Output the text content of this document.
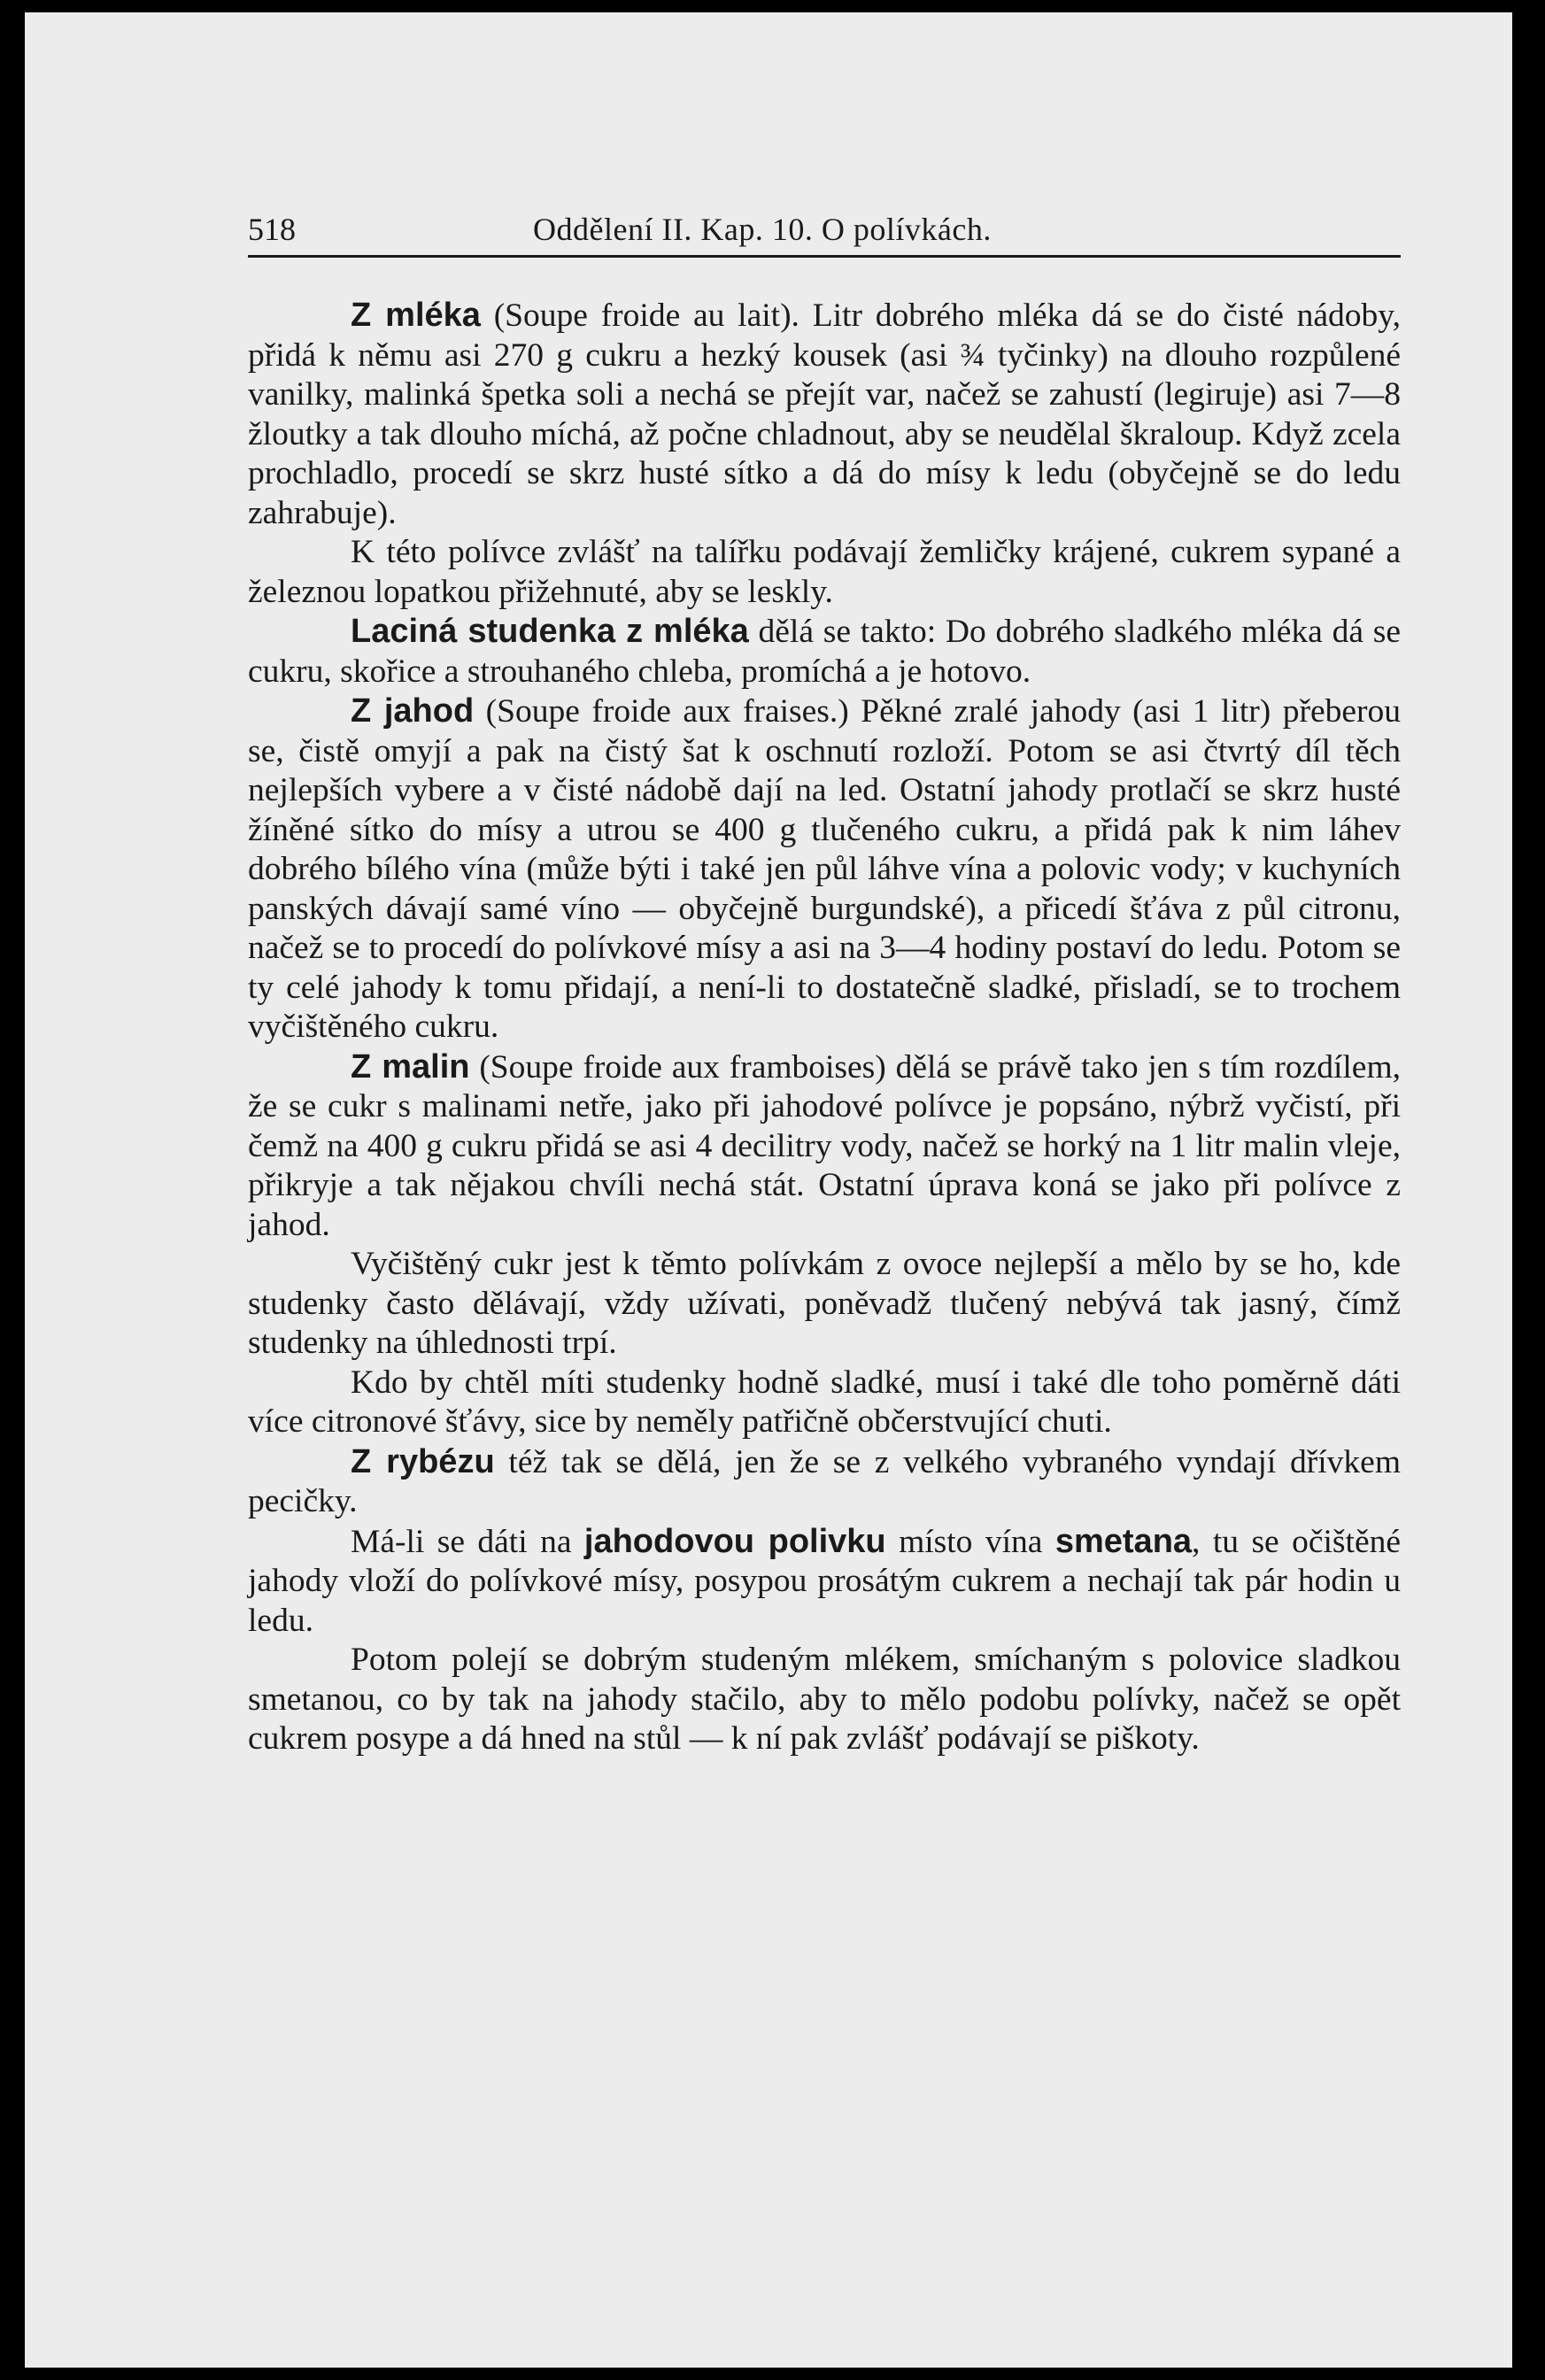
518	Oddělení II. Kap. 10. O polívkách.

Z mléka (Soupe froide au lait). Litr dobrého mléka dá se do čisté nádoby, přidá k němu asi 270 g cukru a hezký kousek (asi ¾ tyčinky) na dlouho rozpůlené vanilky, malinká špetka soli a nechá se přejít var, načež se zahustí (legiruje) asi 7—8 žloutky a tak dlouho míchá, až počne chladnout, aby se neudělal škraloup. Když zcela prochladlo, procedí se skrz husté sítko a dá do mísy k ledu (obyčejně se do ledu zahrabuje).

K této polívce zvlášť na talířku podávají žemličky krájené, cukrem sypané a železnou lopatkou přižehnuté, aby se leskly.

Laciná studenka z mléka dělá se takto: Do dobrého sladkého mléka dá se cukru, skořice a strouhaného chleba, promíchá a je hotovo.

Z jahod (Soupe froide aux fraises.) Pěkné zralé jahody (asi 1 litr) přeberou se, čistě omyjí a pak na čistý šat k oschnutí rozloží. Potom se asi čtvrtý díl těch nejlepších vybere a v čisté nádobě dají na led. Ostatní jahody protlačí se skrz husté žíněné sítko do mísy a utrou se 400 g tlučeného cukru, a přidá pak k nim láhev dobrého bílého vína (může býti i také jen půl láhve vína a polovic vody; v kuchyních panských dávají samé víno — obyčejně burgundské), a přicedí šťáva z půl citronu, načež se to procedí do polívkové mísy a asi na 3—4 hodiny postaví do ledu. Potom se ty celé jahody k tomu přidají, a není-li to dostatečně sladké, přisladí, se to trochem vyčištěného cukru.

Z malin (Soupe froide aux framboises) dělá se právě tako jen s tím rozdílem, že se cukr s malinami netře, jako při jahodové polívce je popsáno, nýbrž vyčistí, při čemž na 400 g cukru přidá se asi 4 decilitry vody, načež se horký na 1 litr malin vleje, přikryje a tak nějakou chvíli nechá stát. Ostatní úprava koná se jako při polívce z jahod.

Vyčištěný cukr jest k těmto polívkám z ovoce nejlepší a mělo by se ho, kde studenky často dělávají, vždy užívati, poněvadž tlučený nebývá tak jasný, čímž studenky na úhlednosti trpí.

Kdo by chtěl míti studenky hodně sladké, musí i také dle toho poměrně dáti více citronové šťávy, sice by neměly patřičně občerstvující chuti.

Z rybézu též tak se dělá, jen že se z velkého vybraného vyndají dřívkem pecičky.

Má-li se dáti na jahodovou polivku místo vína smetana, tu se očištěné jahody vloží do polívkové mísy, posypou prosátým cukrem a nechají tak pár hodin u ledu.

Potom polejí se dobrým studeným mlékem, smíchaným s polovice sladkou smetanou, co by tak na jahody stačilo, aby to mělo podobu polívky, načež se opět cukrem posype a dá hned na stůl — k ní pak zvlášť podávají se piškoty.
